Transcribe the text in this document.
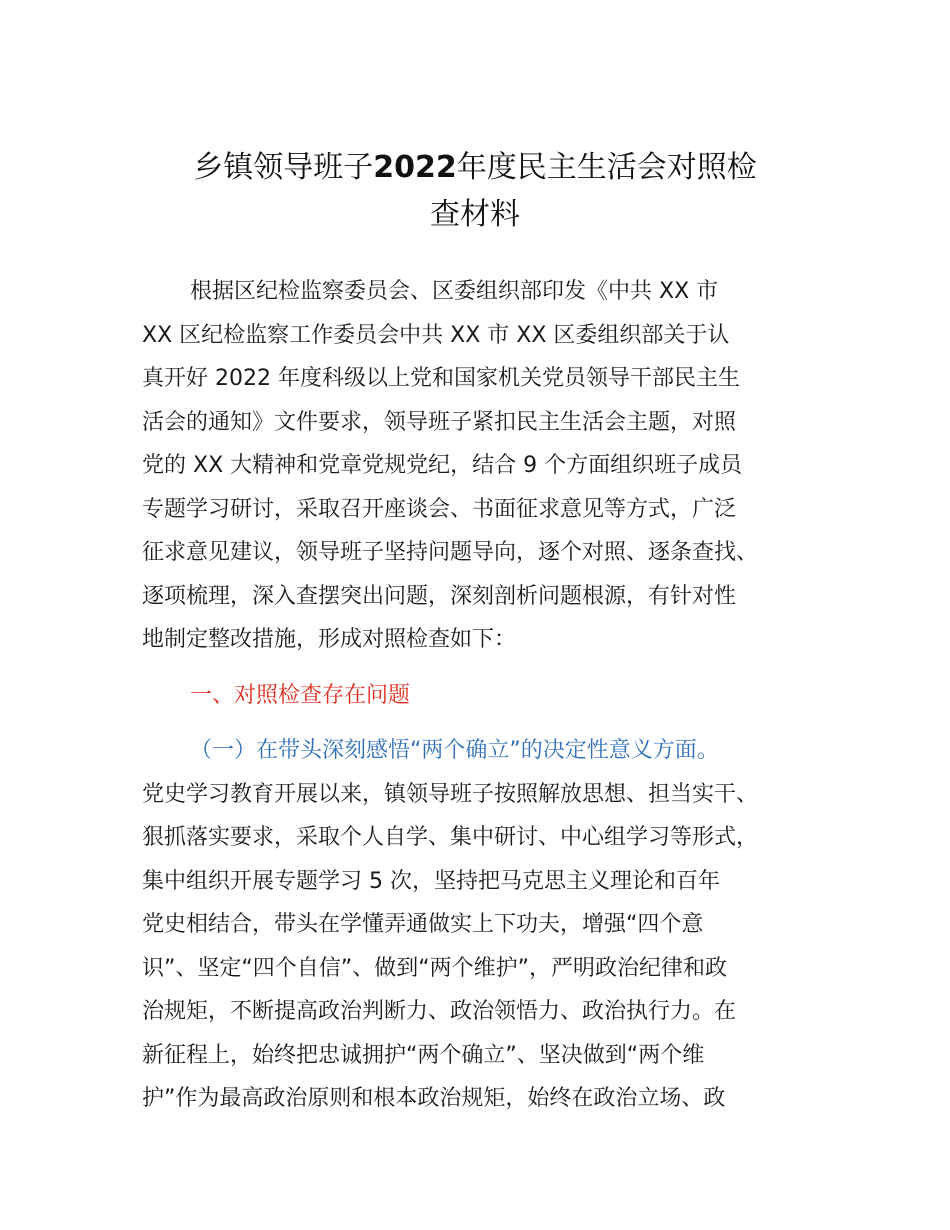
乡镇领导班子2022年度民主生活会对照检
查材料
根据区纪检监察委员会、区委组织部印发《中共 XX 市
XX 区纪检监察工作委员会中共 XX 市 XX 区委组织部关于认
真开好 2022 年度科级以上党和国家机关党员领导干部民主生
活会的通知》文件要求，领导班子紧扣民主生活会主题，对照
党的 XX 大精神和党章党规党纪，结合 9 个方面组织班子成员
专题学习研讨，采取召开座谈会、书面征求意见等方式，广泛
征求意见建议，领导班子坚持问题导向，逐个对照、逐条查找、
逐项梳理，深入查摆突出问题，深刻剖析问题根源，有针对性
地制定整改措施，形成对照检查如下：
一、对照检查存在问题
（一）在带头深刻感悟“两个确立”的决定性意义方面。
党史学习教育开展以来，镇领导班子按照解放思想、担当实干、
狠抓落实要求，采取个人自学、集中研讨、中心组学习等形式，
集中组织开展专题学习 5 次，坚持把马克思主义理论和百年
党史相结合，带头在学懂弄通做实上下功夫，增强“四个意
识”、坚定“四个自信”、做到“两个维护”，严明政治纪律和政
治规矩，不断提高政治判断力、政治领悟力、政治执行力。在
新征程上，始终把忠诚拥护“两个确立”、坚决做到“两个维
护”作为最高政治原则和根本政治规矩，始终在政治立场、政
